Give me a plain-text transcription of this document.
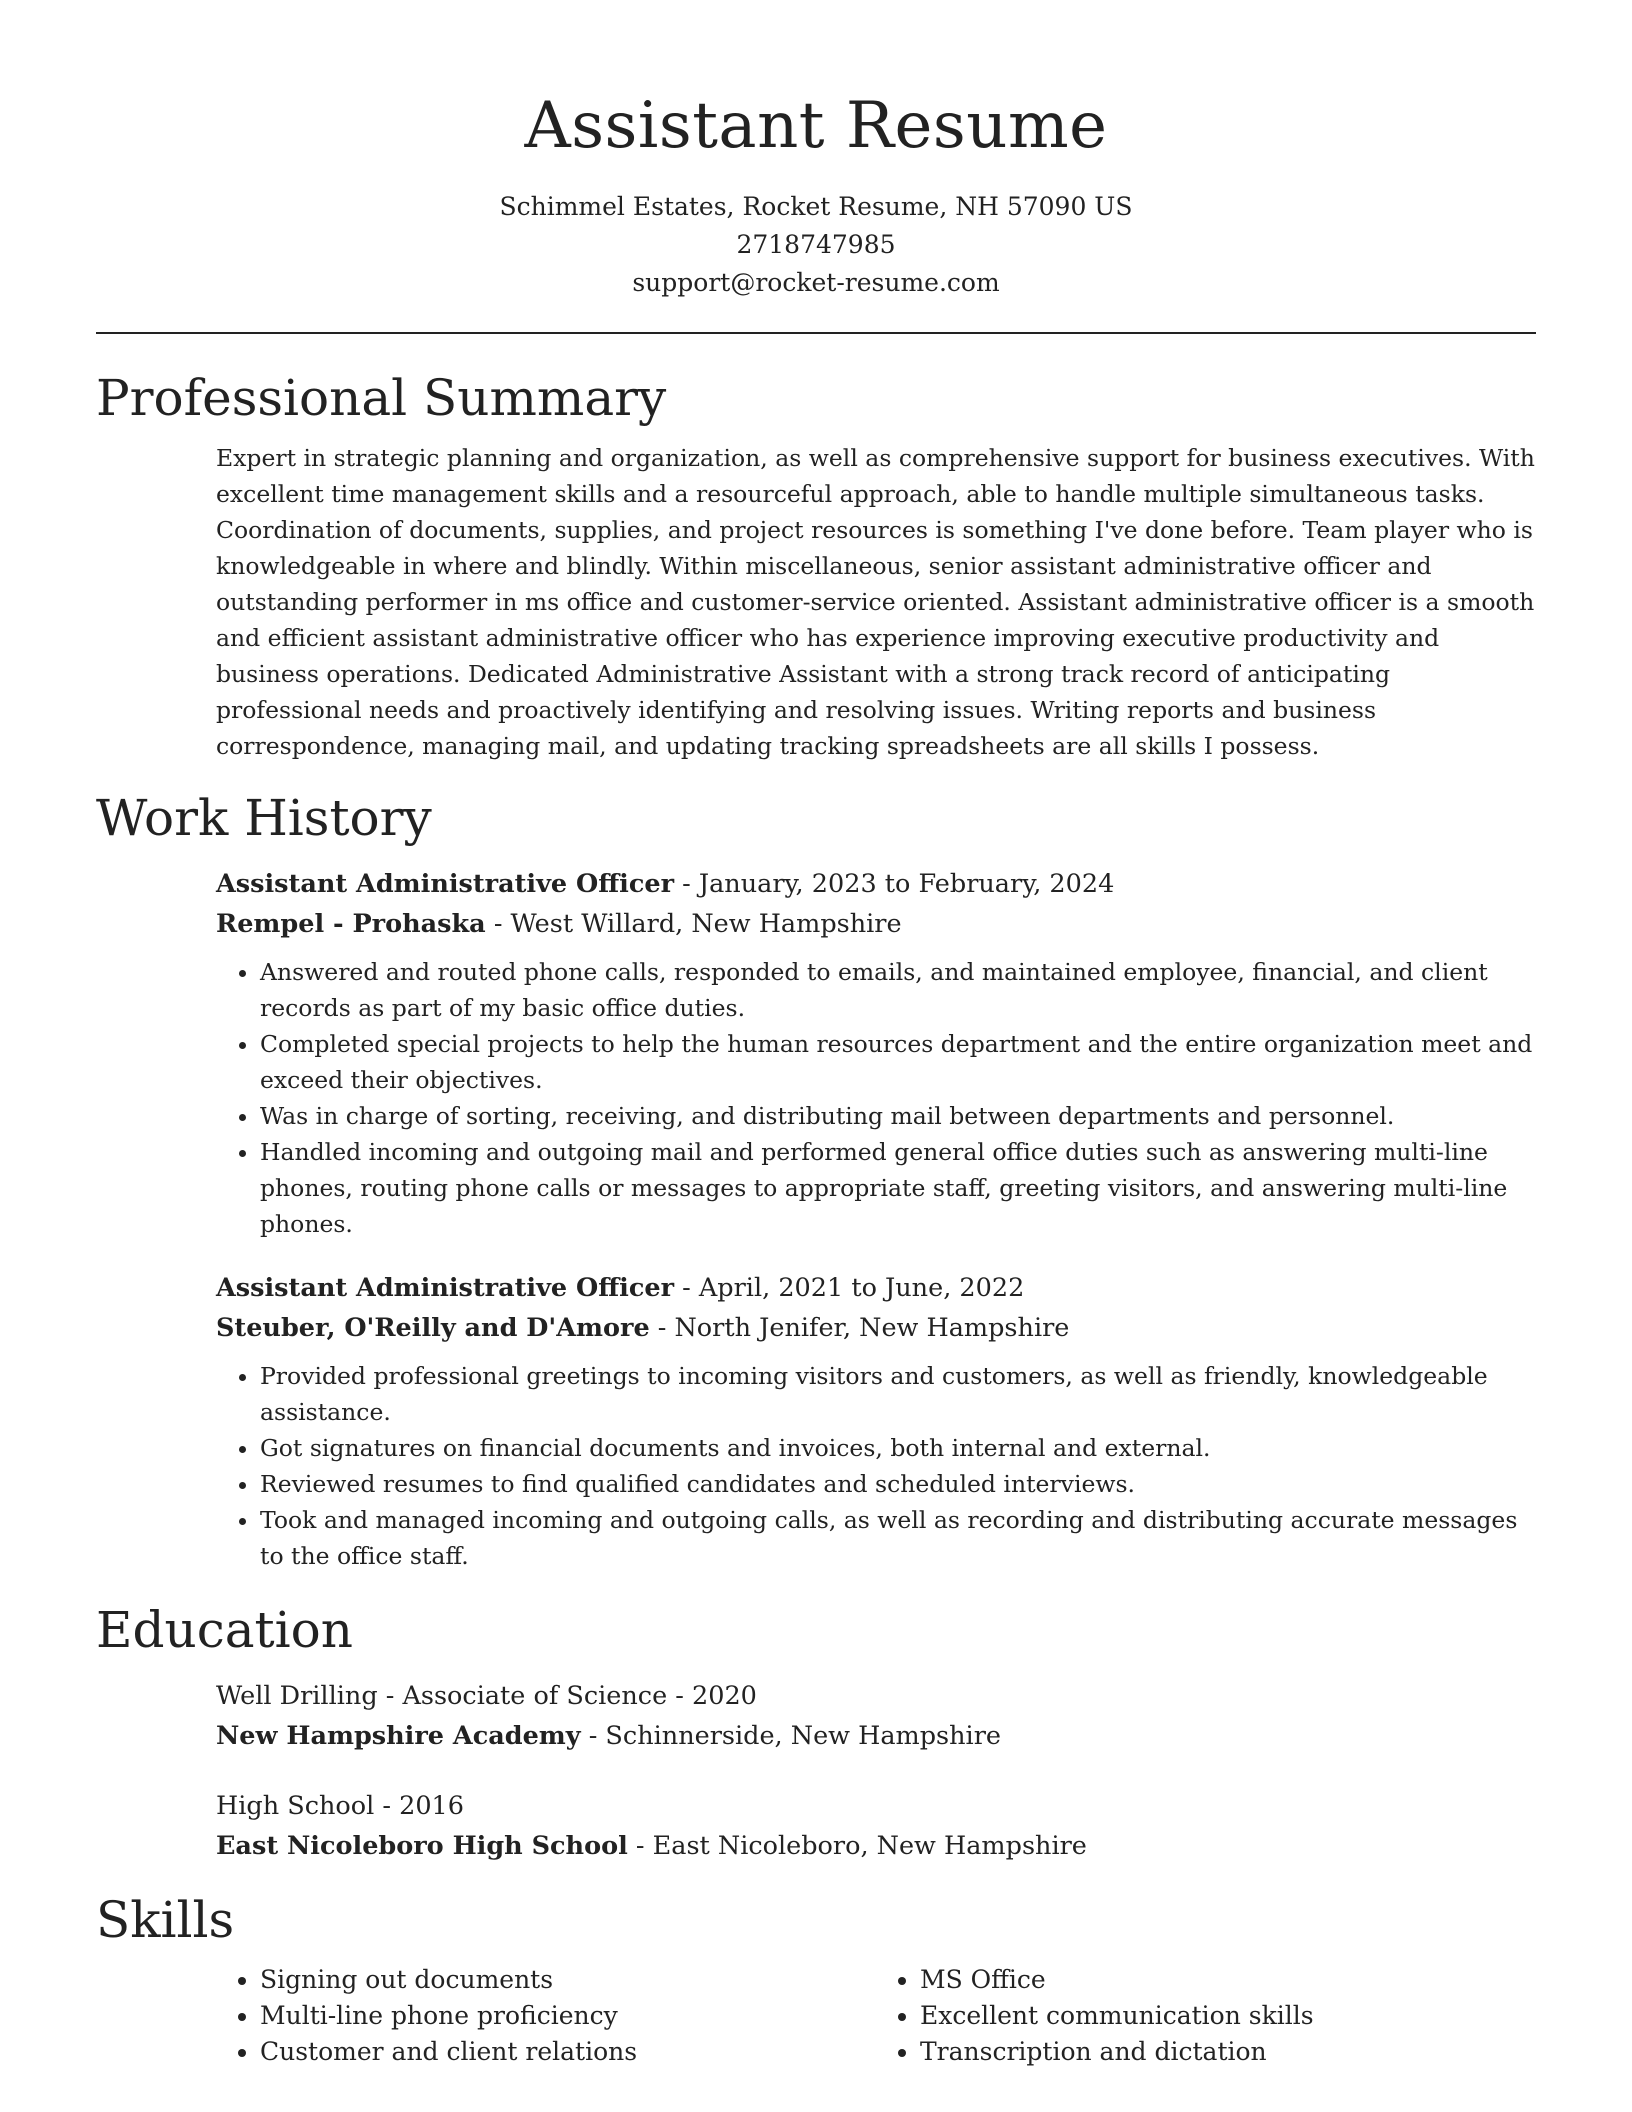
Assistant Resume
Schimmel Estates, Rocket Resume, NH 57090 US
2718747985
support@rocket-resume.com
Professional Summary

Expert in strategic planning and organization, as well as comprehensive support for business executives. With excellent time management skills and a resourceful approach, able to handle multiple simultaneous tasks. Coordination of documents, supplies, and project resources is something I've done before. Team player who is knowledgeable in where and blindly. Within miscellaneous, senior assistant administrative officer and outstanding performer in ms office and customer-service oriented. Assistant administrative officer is a smooth and efficient assistant administrative officer who has experience improving executive productivity and business operations. Dedicated Administrative Assistant with a strong track record of anticipating professional needs and proactively identifying and resolving issues. Writing reports and business correspondence, managing mail, and updating tracking spreadsheets are all skills I possess.

Work History
Assistant Administrative Officer - January, 2023 to February, 2024
Rempel - Prohaska - West Willard, New Hampshire
• Answered and routed phone calls, responded to emails, and maintained employee, financial, and client records as part of my basic office duties.
• Completed special projects to help the human resources department and the entire organization meet and exceed their objectives.
• Was in charge of sorting, receiving, and distributing mail between departments and personnel.
• Handled incoming and outgoing mail and performed general office duties such as answering multi-line phones, routing phone calls or messages to appropriate staff, greeting visitors, and answering multi-line phones.
Assistant Administrative Officer - April, 2021 to June, 2022
Steuber, O'Reilly and D'Amore - North Jenifer, New Hampshire
• Provided professional greetings to incoming visitors and customers, as well as friendly, knowledgeable assistance.
• Got signatures on financial documents and invoices, both internal and external.
• Reviewed resumes to find qualified candidates and scheduled interviews.
• Took and managed incoming and outgoing calls, as well as recording and distributing accurate messages to the office staff.
Education
Well Drilling - Associate of Science - 2020
New Hampshire Academy - Schinnerside, New Hampshire
High School - 2016
East Nicoleboro High School - East Nicoleboro, New Hampshire
Skills
• Signing out documents
• Multi-line phone proficiency
• Customer and client relations
• MS Office
• Excellent communication skills
• Transcription and dictation
